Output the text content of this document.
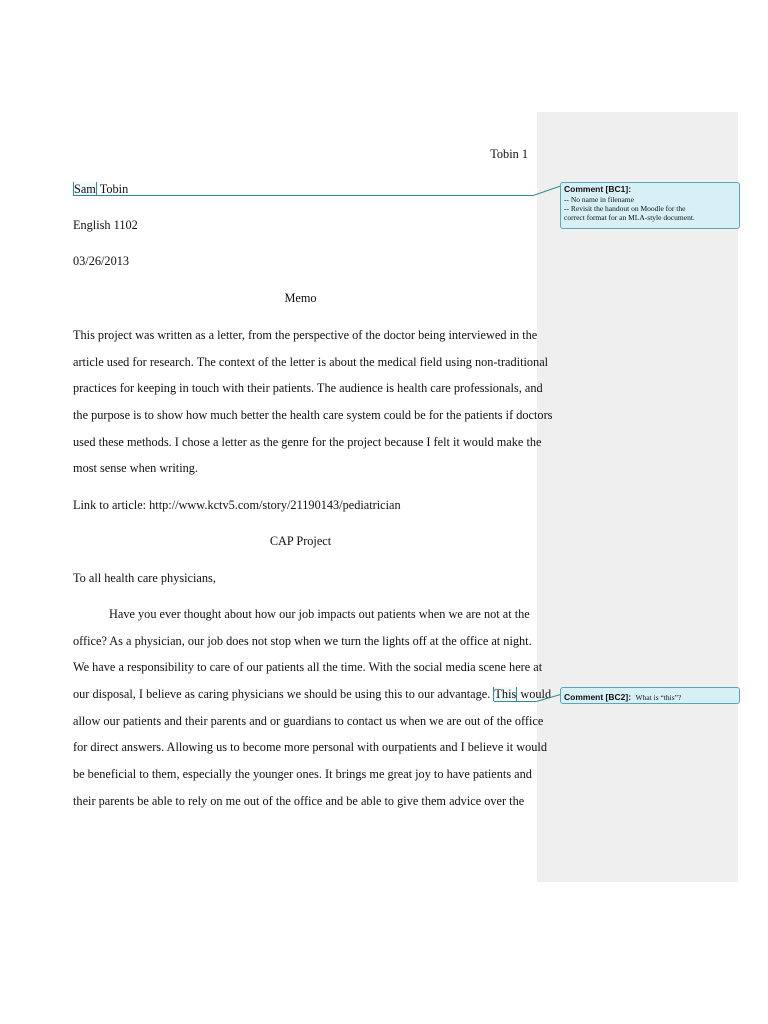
Tobin 1
Sam Tobin
English 1102
03/26/2013
Memo
This project was written as a letter, from the perspective of the doctor being interviewed in the
article used for research. The context of the letter is about the medical field using non-traditional
practices for keeping in touch with their patients. The audience is health care professionals, and
the purpose is to show how much better the health care system could be for the patients if doctors
used these methods. I chose a letter as the genre for the project because I felt it would make the
most sense when writing.
Link to article: http://www.kctv5.com/story/21190143/pediatrician
CAP Project
To all health care physicians,
Have you ever thought about how our job impacts out patients when we are not at the
office? As a physician, our job does not stop when we turn the lights off at the office at night.
We have a responsibility to care of our patients all the time. With the social media scene here at
our disposal, I believe as caring physicians we should be using this to our advantage. This would
allow our patients and their parents and or guardians to contact us when we are out of the office
for direct answers. Allowing us to become more personal with ourpatients and I believe it would
be beneficial to them, especially the younger ones. It brings me great joy to have patients and
their parents be able to rely on me out of the office and be able to give them advice over the
Comment [BC1]:
-- No name in filename
-- Revisit the handout on Moodle for the
correct format for an MLA-style document.
Comment [BC2]: What is “this”?
